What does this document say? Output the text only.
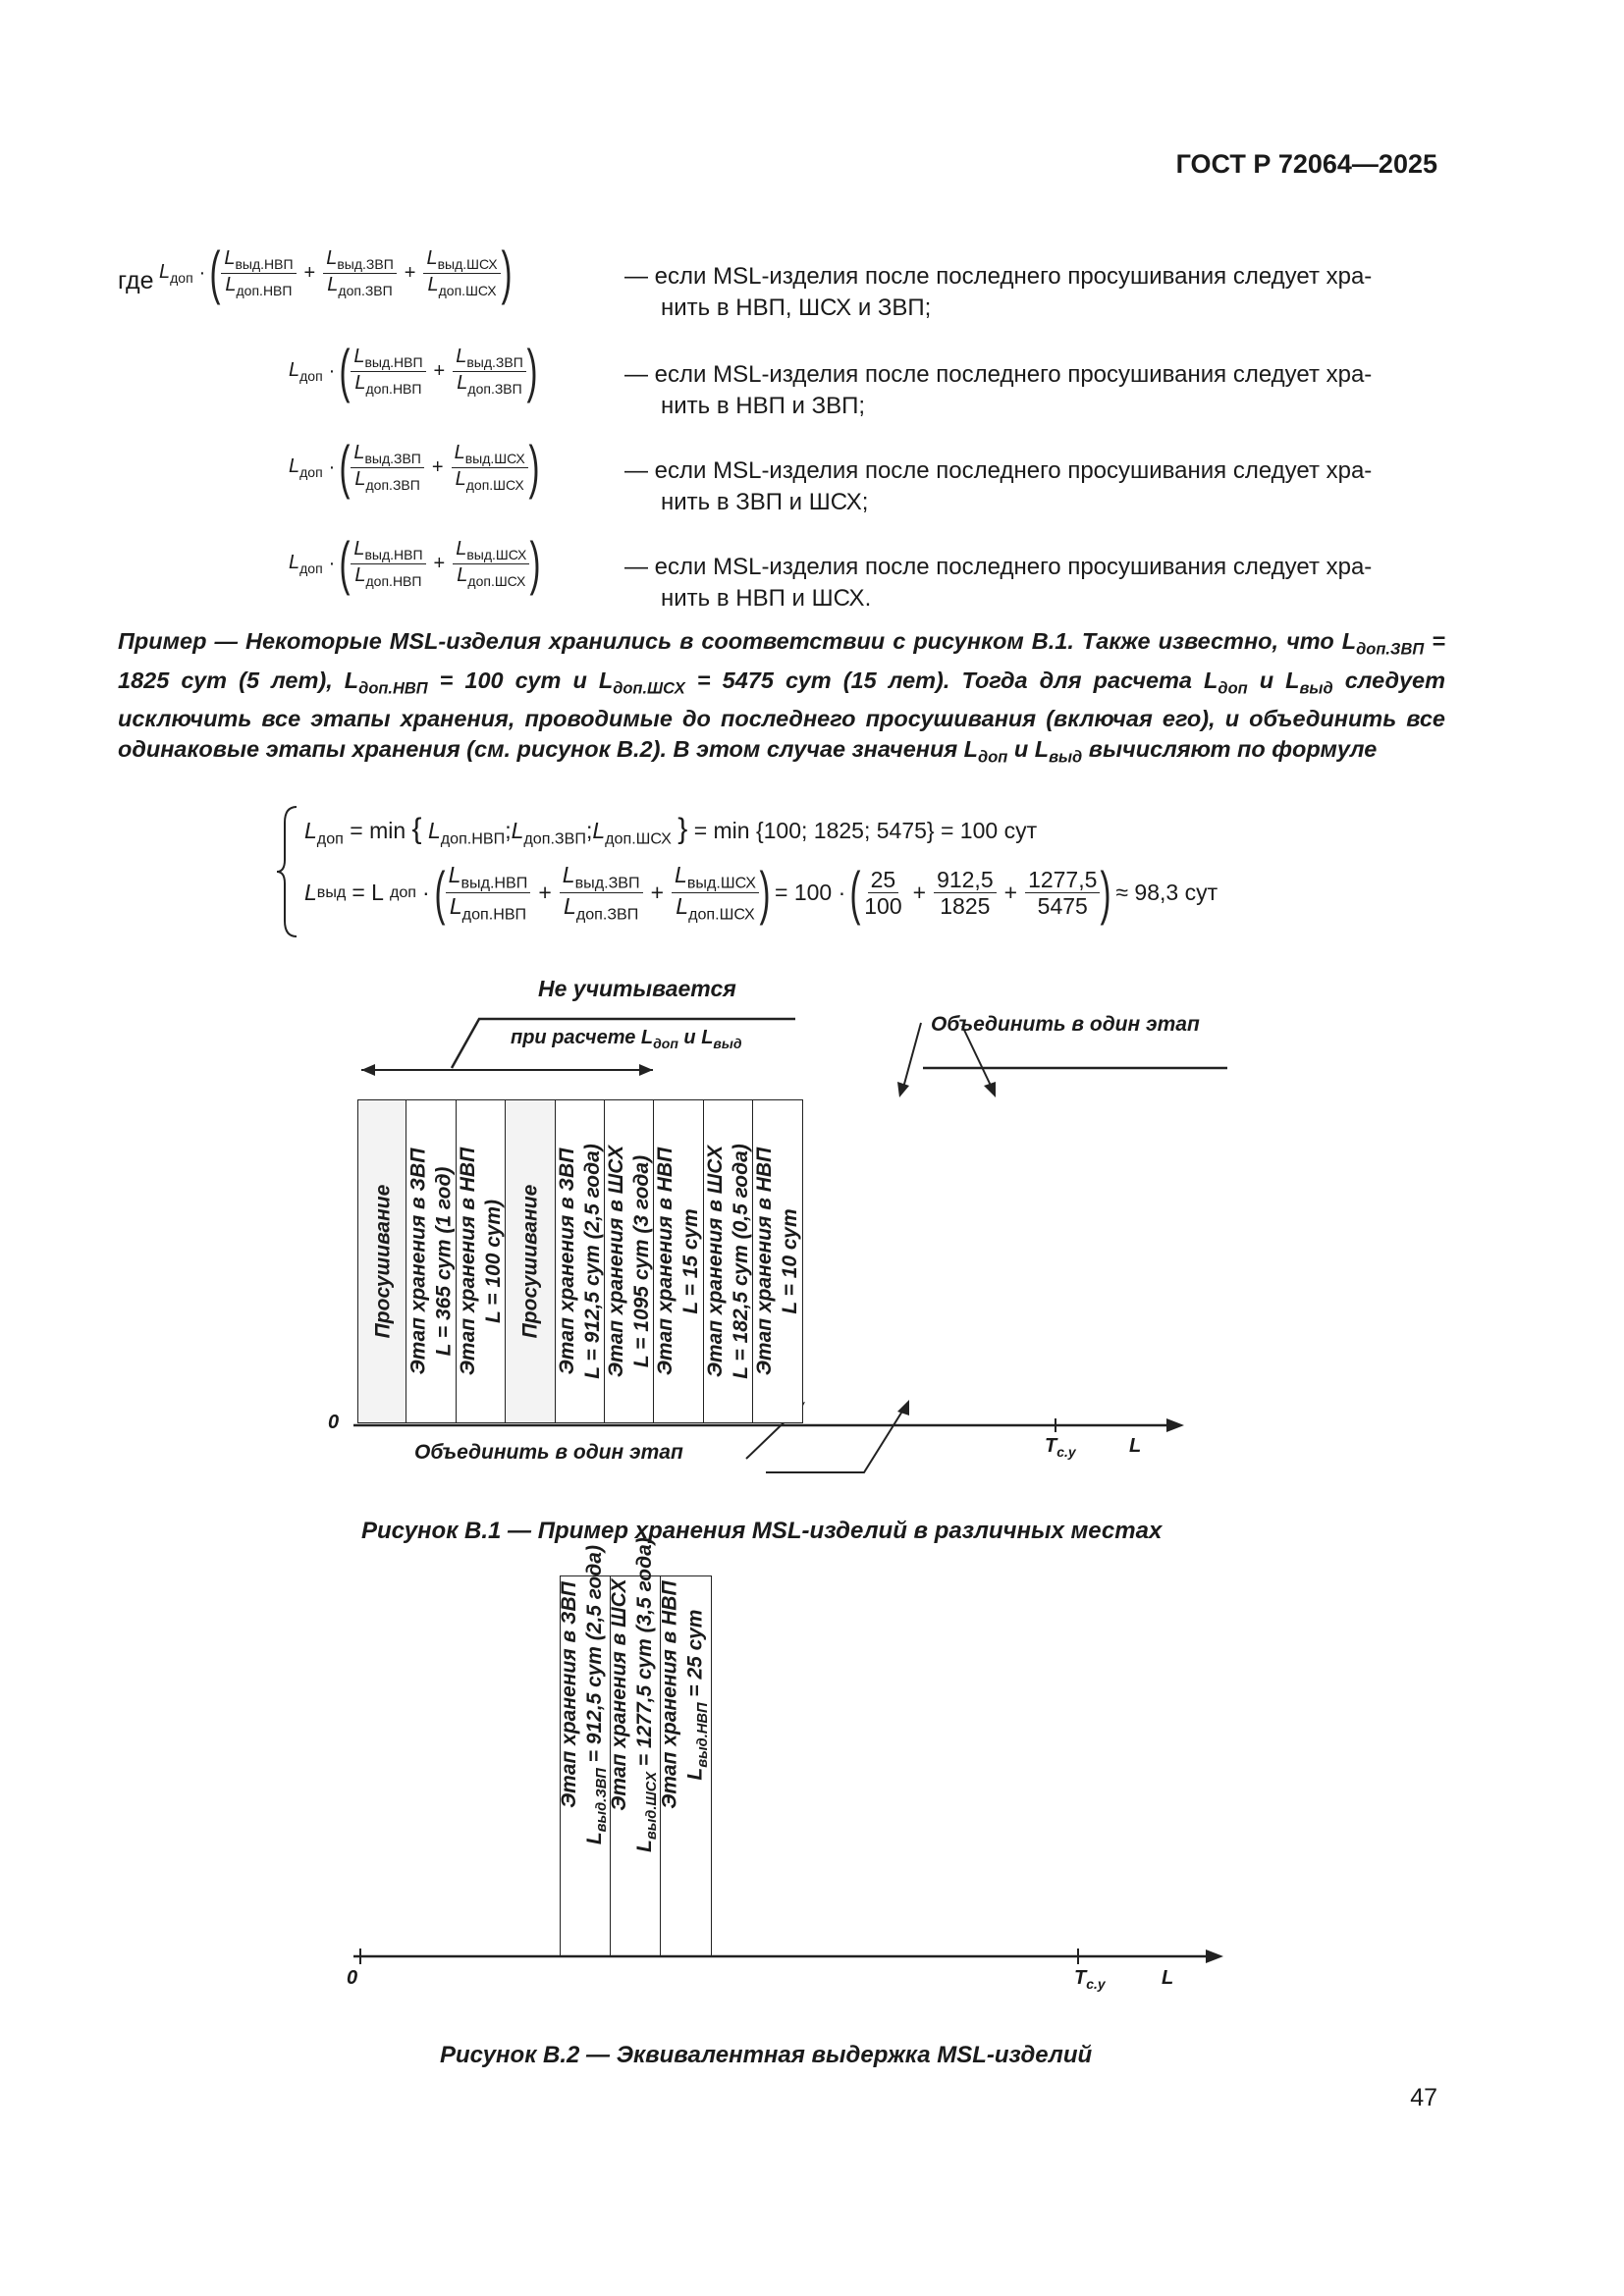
ГОСТ Р 72064—2025
где $L_{доп}$ · ( $\frac{L_{выд.НВП}}{L_{доп.НВП}} + \frac{L_{выд.ЗВП}}{L_{доп.ЗВП}} + \frac{L_{выд.ШСХ}}{L_{доп.ШСХ}}$ )	— если MSL-изделия после последнего просушивания следует хра-
нить в НВП, ШСХ и ЗВП;
$L_{доп}$ · ( $\frac{L_{выд.НВП}}{L_{доп.НВП}} + \frac{L_{выд.ЗВП}}{L_{доп.ЗВП}}$ )	— если MSL-изделия после последнего просушивания следует хра-
нить в НВП и ЗВП;
$L_{доп}$ · ( $\frac{L_{выд.ЗВП}}{L_{доп.ЗВП}} + \frac{L_{выд.ШСХ}}{L_{доп.ШСХ}}$ )	— если MSL-изделия после последнего просушивания следует хра-
нить в ЗВП и ШСХ;
$L_{доп}$ · ( $\frac{L_{выд.НВП}}{L_{доп.НВП}} + \frac{L_{выд.ШСХ}}{L_{доп.ШСХ}}$ )	— если MSL-изделия после последнего просушивания следует хра-
нить в НВП и ШСХ.
Пример — Некоторые MSL-изделия хранились в соответствии с рисунком В.1. Также известно, что $L_{доп.ЗВП} = 1825$ сут (5 лет), $L_{доп.НВП} = 100$ сут и $L_{доп.ШСХ} = 5475$ сут (15 лет). Тогда для расчета $L_{доп}$ и $L_{выд}$ следует исключить все этапы хранения, проводимые до последнего просушивания (включая его), и объединить все одинаковые этапы хранения (см. рисунок В.2). В этом случае значения $L_{доп}$ и $L_{выд}$ вычисляют по формуле
$L_{доп} = \min$ { $L_{доп.НВП};L_{доп.ЗВП};L_{доп.ШСХ}$ } = min {100; 1825; 5475} = 100 сут
L выд = L доп · ( $\frac{L_{выд.НВП}}{L_{доп.НВП}} + \frac{L_{выд.ЗВП}}{L_{доп.ЗВП}} + \frac{L_{выд.ШСХ}}{L_{доп.ШСХ}}$ ) = 100 · ( $\frac{25}{100} + \frac{912,5}{1825} + \frac{1277,5}{5475}$ ) ≈ 98,3 сут
Просушивание Этап хранения в ЗВП L = 365 сут (1 год) Этап хранения в НВП L = 100 сут) Просушивание Этап хранения в ЗВП L = 912,5 сут (2,5 года) Этап хранения в ШСХ L = 1095 сут (3 года) Этап хранения в НВП L = 15 сут Этап хранения в ШСХ L = 182,5 сут (0,5 года) Этап хранения в НВП L = 10 сут
Не учитывается
при расчете $L_{доп}$ и $L_{выд}$
Объединить в один этап
Объединить в один этап
0
$T_{с.у}$	L
Рисунок В.1 — Пример хранения MSL-изделий в различных местах
Этап хранения в ЗВП
$L_{выд.ЗВП} = 912,5$ сут (2,5 года) Этап хранения в ШСХ
$L_{выд.ШСХ} = 1277,5$ сут (3,5 года) Этап хранения в НВП $L_{выд.НВП} = 25$ сут
0	$T_{с.у}$	L
Рисунок В.2 — Эквивалентная выдержка MSL-изделий
47
